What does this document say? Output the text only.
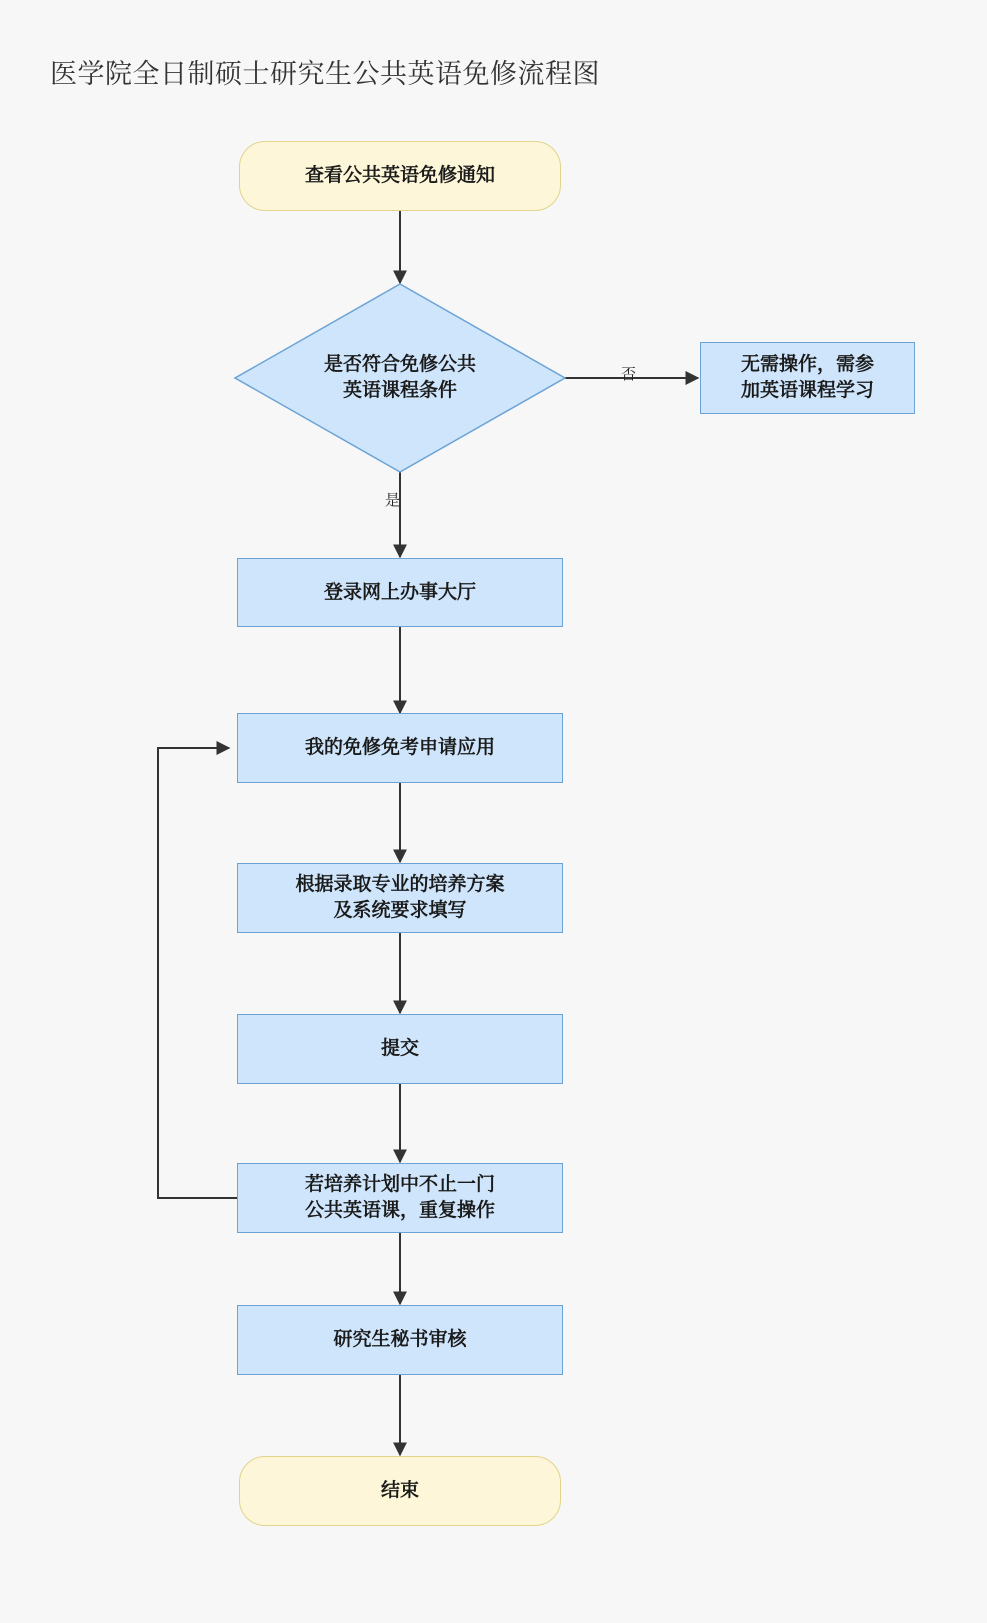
医学院全日制硕士研究生公共英语免修流程图
查看公共英语免修通知
是否符合免修公共
英语课程条件
否
是
无需操作，需参
加英语课程学习
登录网上办事大厅
我的免修免考申请应用
根据录取专业的培养方案
及系统要求填写
提交
若培养计划中不止一门
公共英语课，重复操作
研究生秘书审核
结束
